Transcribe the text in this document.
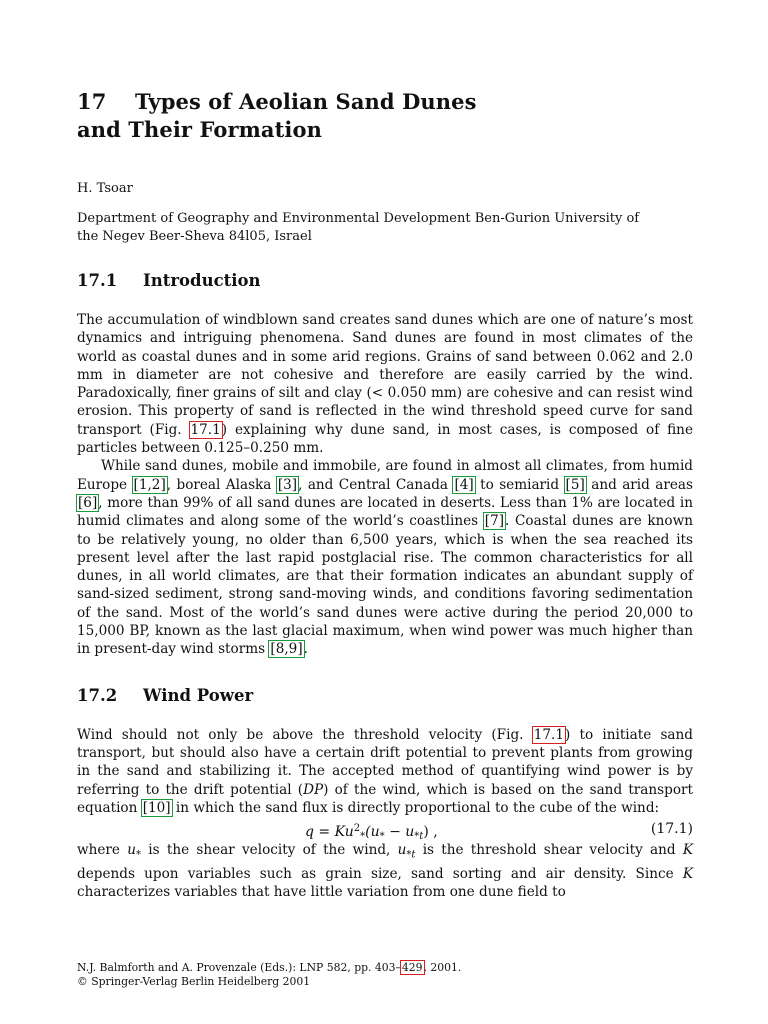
17 Types of Aeolian Sand Dunes
and Their Formation
H. Tsoar
Department of Geography and Environmental Development Ben-Gurion University of
the Negev Beer-Sheva 84l05, Israel
17.1 Introduction

The accumulation of windblown sand creates sand dunes which are one of nature’s most dynamics and intriguing phenomena. Sand dunes are found in most climates of the world as coastal dunes and in some arid regions. Grains of sand between 0.062 and 2.0 mm in diameter are not cohesive and therefore are easily carried by the wind. Paradoxically, finer grains of silt and clay (< 0.050 mm) are cohesive and can resist wind erosion. This property of sand is reflected in the wind threshold speed curve for sand transport (Fig. 17.1) explaining why dune sand, in most cases, is composed of fine particles between 0.125–0.250 mm.

While sand dunes, mobile and immobile, are found in almost all climates, from humid Europe [1,2], boreal Alaska [3], and Central Canada [4] to semiarid [5] and arid areas [6], more than 99% of all sand dunes are located in deserts. Less than 1% are located in humid climates and along some of the world’s coastlines [7]. Coastal dunes are known to be relatively young, no older than 6,500 years, which is when the sea reached its present level after the last rapid postglacial rise. The common characteristics for all dunes, in all world climates, are that their formation indicates an abundant supply of sand-sized sediment, strong sand-moving winds, and conditions favoring sedimentation of the sand. Most of the world’s sand dunes were active during the period 20,000 to 15,000 BP, known as the last glacial maximum, when wind power was much higher than in present-day wind storms [8,9].

17.2 Wind Power

Wind should not only be above the threshold velocity (Fig. 17.1) to initiate sand transport, but should also have a certain drift potential to prevent plants from growing in the sand and stabilizing it. The accepted method of quantifying wind power is by referring to the drift potential (DP) of the wind, which is based on the sand transport equation [10] in which the sand flux is directly proportional to the cube of the wind:

$q = Ku^2_*(u_* - u_{*t})$ ,	(17.1)

where $u_*$ is the shear velocity of the wind, $u_{*t}$ is the threshold shear velocity and K depends upon variables such as grain size, sand sorting and air density. Since K characterizes variables that have little variation from one dune field to

N.J. Balmforth and A. Provenzale (Eds.): LNP 582, pp. 403–429, 2001.
© Springer-Verlag Berlin Heidelberg 2001
